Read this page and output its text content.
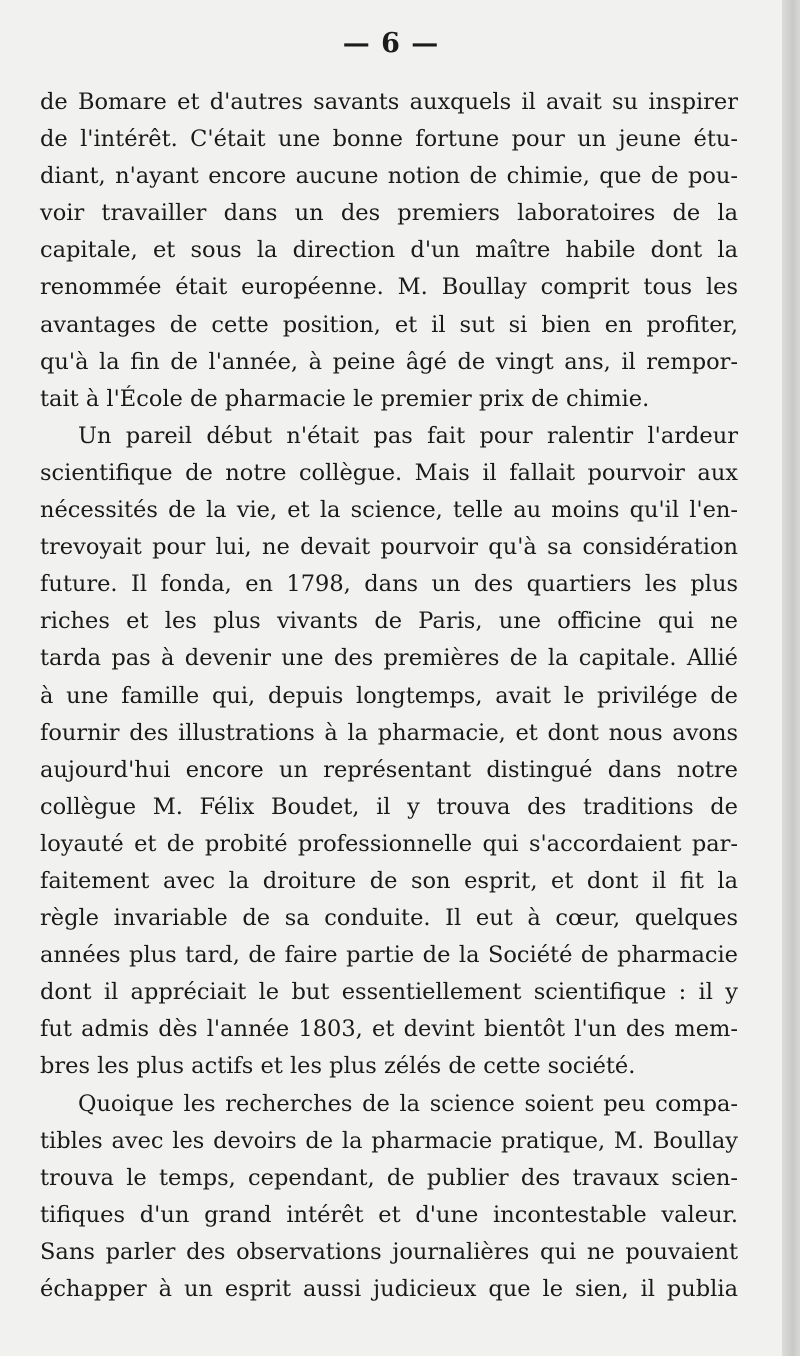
— 6 —
de Bomare et d'autres savants auxquels il avait su inspirer
de l'intérêt. C'était une bonne fortune pour un jeune étu-
diant, n'ayant encore aucune notion de chimie, que de pou-
voir travailler dans un des premiers laboratoires de la
capitale, et sous la direction d'un maître habile dont la
renommée était européenne. M. Boullay comprit tous les
avantages de cette position, et il sut si bien en profiter,
qu'à la fin de l'année, à peine âgé de vingt ans, il rempor-
tait à l'École de pharmacie le premier prix de chimie.
Un pareil début n'était pas fait pour ralentir l'ardeur
scientifique de notre collègue. Mais il fallait pourvoir aux
nécessités de la vie, et la science, telle au moins qu'il l'en-
trevoyait pour lui, ne devait pourvoir qu'à sa considération
future. Il fonda, en 1798, dans un des quartiers les plus
riches et les plus vivants de Paris, une officine qui ne
tarda pas à devenir une des premières de la capitale. Allié
à une famille qui, depuis longtemps, avait le privilége de
fournir des illustrations à la pharmacie, et dont nous avons
aujourd'hui encore un représentant distingué dans notre
collègue M. Félix Boudet, il y trouva des traditions de
loyauté et de probité professionnelle qui s'accordaient par-
faitement avec la droiture de son esprit, et dont il fit la
règle invariable de sa conduite. Il eut à cœur, quelques
années plus tard, de faire partie de la Société de pharmacie
dont il appréciait le but essentiellement scientifique : il y
fut admis dès l'année 1803, et devint bientôt l'un des mem-
bres les plus actifs et les plus zélés de cette société.
Quoique les recherches de la science soient peu compa-
tibles avec les devoirs de la pharmacie pratique, M. Boullay
trouva le temps, cependant, de publier des travaux scien-
tifiques d'un grand intérêt et d'une incontestable valeur.
Sans parler des observations journalières qui ne pouvaient
échapper à un esprit aussi judicieux que le sien, il publia
